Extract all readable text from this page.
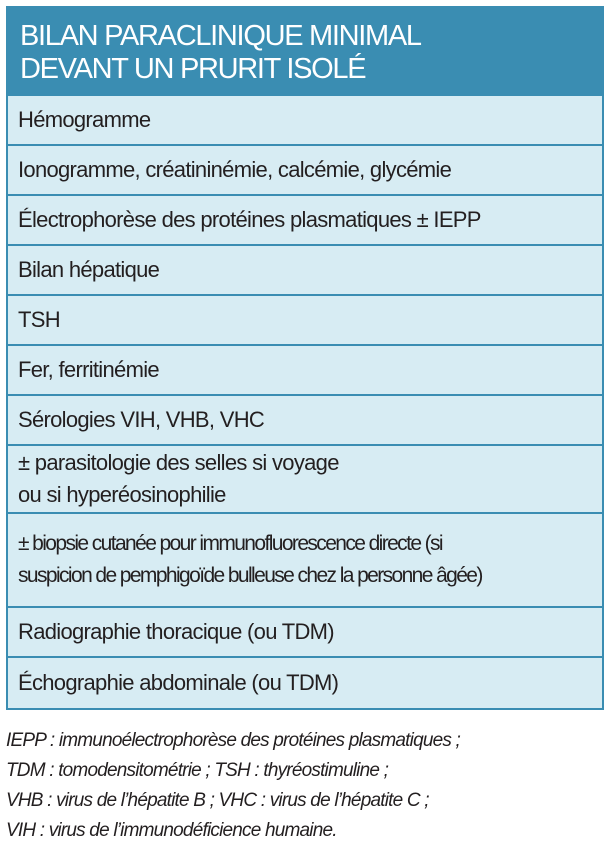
BILAN PARACLINIQUE MINIMAL
DEVANT UN PRURIT ISOLÉ
Hémogramme
Ionogramme, créatininémie, calcémie, glycémie
Électrophorèse des protéines plasmatiques ± IEPP
Bilan hépatique
TSH
Fer, ferritinémie
Sérologies VIH, VHB, VHC
± parasitologie des selles si voyage
ou si hyperéosinophilie
± biopsie cutanée pour immunofluorescence directe (si
suspicion de pemphigoïde bulleuse chez la personne âgée)
Radiographie thoracique (ou TDM)
Échographie abdominale (ou TDM)
IEPP : immunoélectrophorèse des protéines plasmatiques ;
TDM : tomodensitométrie ; TSH : thyréostimuline ;
VHB : virus de l’hépatite B ; VHC : virus de l’hépatite C ;
VIH : virus de l’immunodéficience humaine.
